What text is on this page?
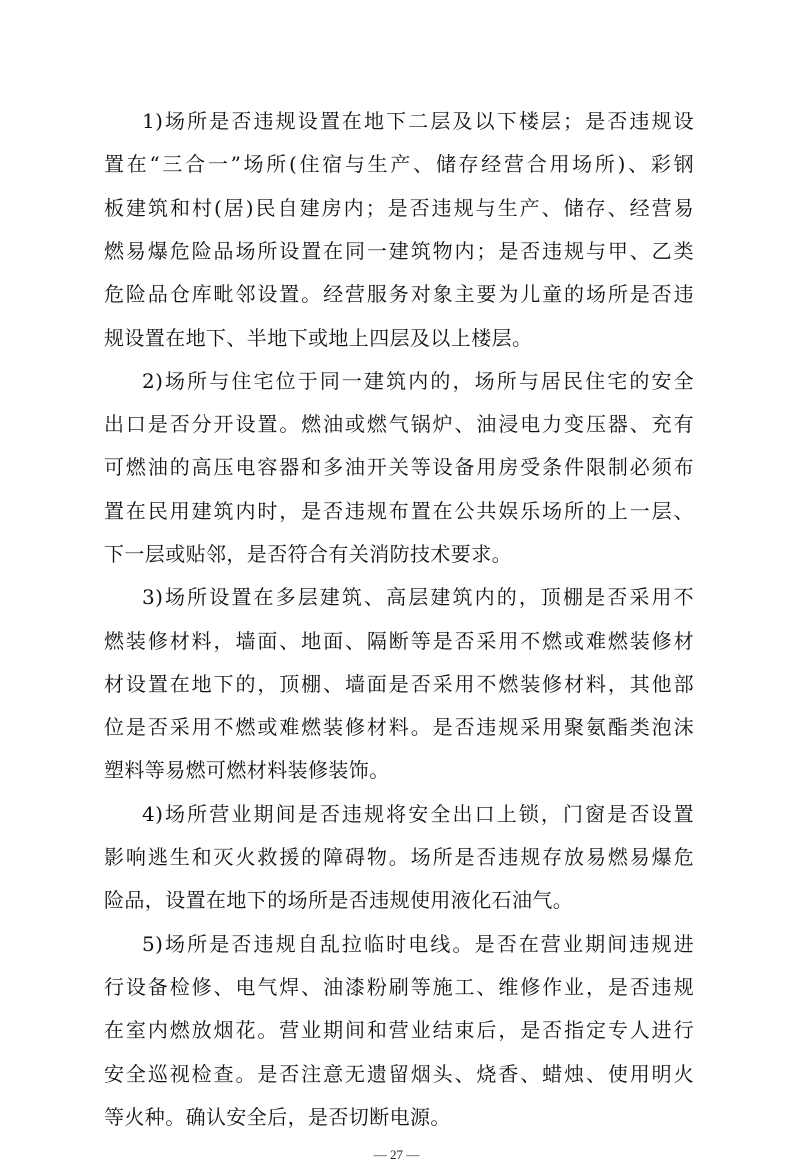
1)场所是否违规设置在地下二层及以下楼层；是否违规设
置在“三合一”场所(住宿与生产、储存经营合用场所)、彩钢
板建筑和村(居)民自建房内；是否违规与生产、储存、经营易
燃易爆危险品场所设置在同一建筑物内；是否违规与甲、乙类
危险品仓库毗邻设置。经营服务对象主要为儿童的场所是否违
规设置在地下、半地下或地上四层及以上楼层。
2)场所与住宅位于同一建筑内的，场所与居民住宅的安全
出口是否分开设置。燃油或燃气锅炉、油浸电力变压器、充有
可燃油的高压电容器和多油开关等设备用房受条件限制必须布
置在民用建筑内时，是否违规布置在公共娱乐场所的上一层、
下一层或贴邻，是否符合有关消防技术要求。
3)场所设置在多层建筑、高层建筑内的，顶棚是否采用不
燃装修材料，墙面、地面、隔断等是否采用不燃或难燃装修材
材设置在地下的，顶棚、墙面是否采用不燃装修材料，其他部
位是否采用不燃或难燃装修材料。是否违规采用聚氨酯类泡沫
塑料等易燃可燃材料装修装饰。
4)场所营业期间是否违规将安全出口上锁，门窗是否设置
影响逃生和灭火救援的障碍物。场所是否违规存放易燃易爆危
险品，设置在地下的场所是否违规使用液化石油气。
5)场所是否违规自乱拉临时电线。是否在营业期间违规进
行设备检修、电气焊、油漆粉刷等施工、维修作业，是否违规
在室内燃放烟花。营业期间和营业结束后，是否指定专人进行
安全巡视检查。是否注意无遗留烟头、烧香、蜡烛、使用明火
等火种。确认安全后，是否切断电源。
— 27 —
